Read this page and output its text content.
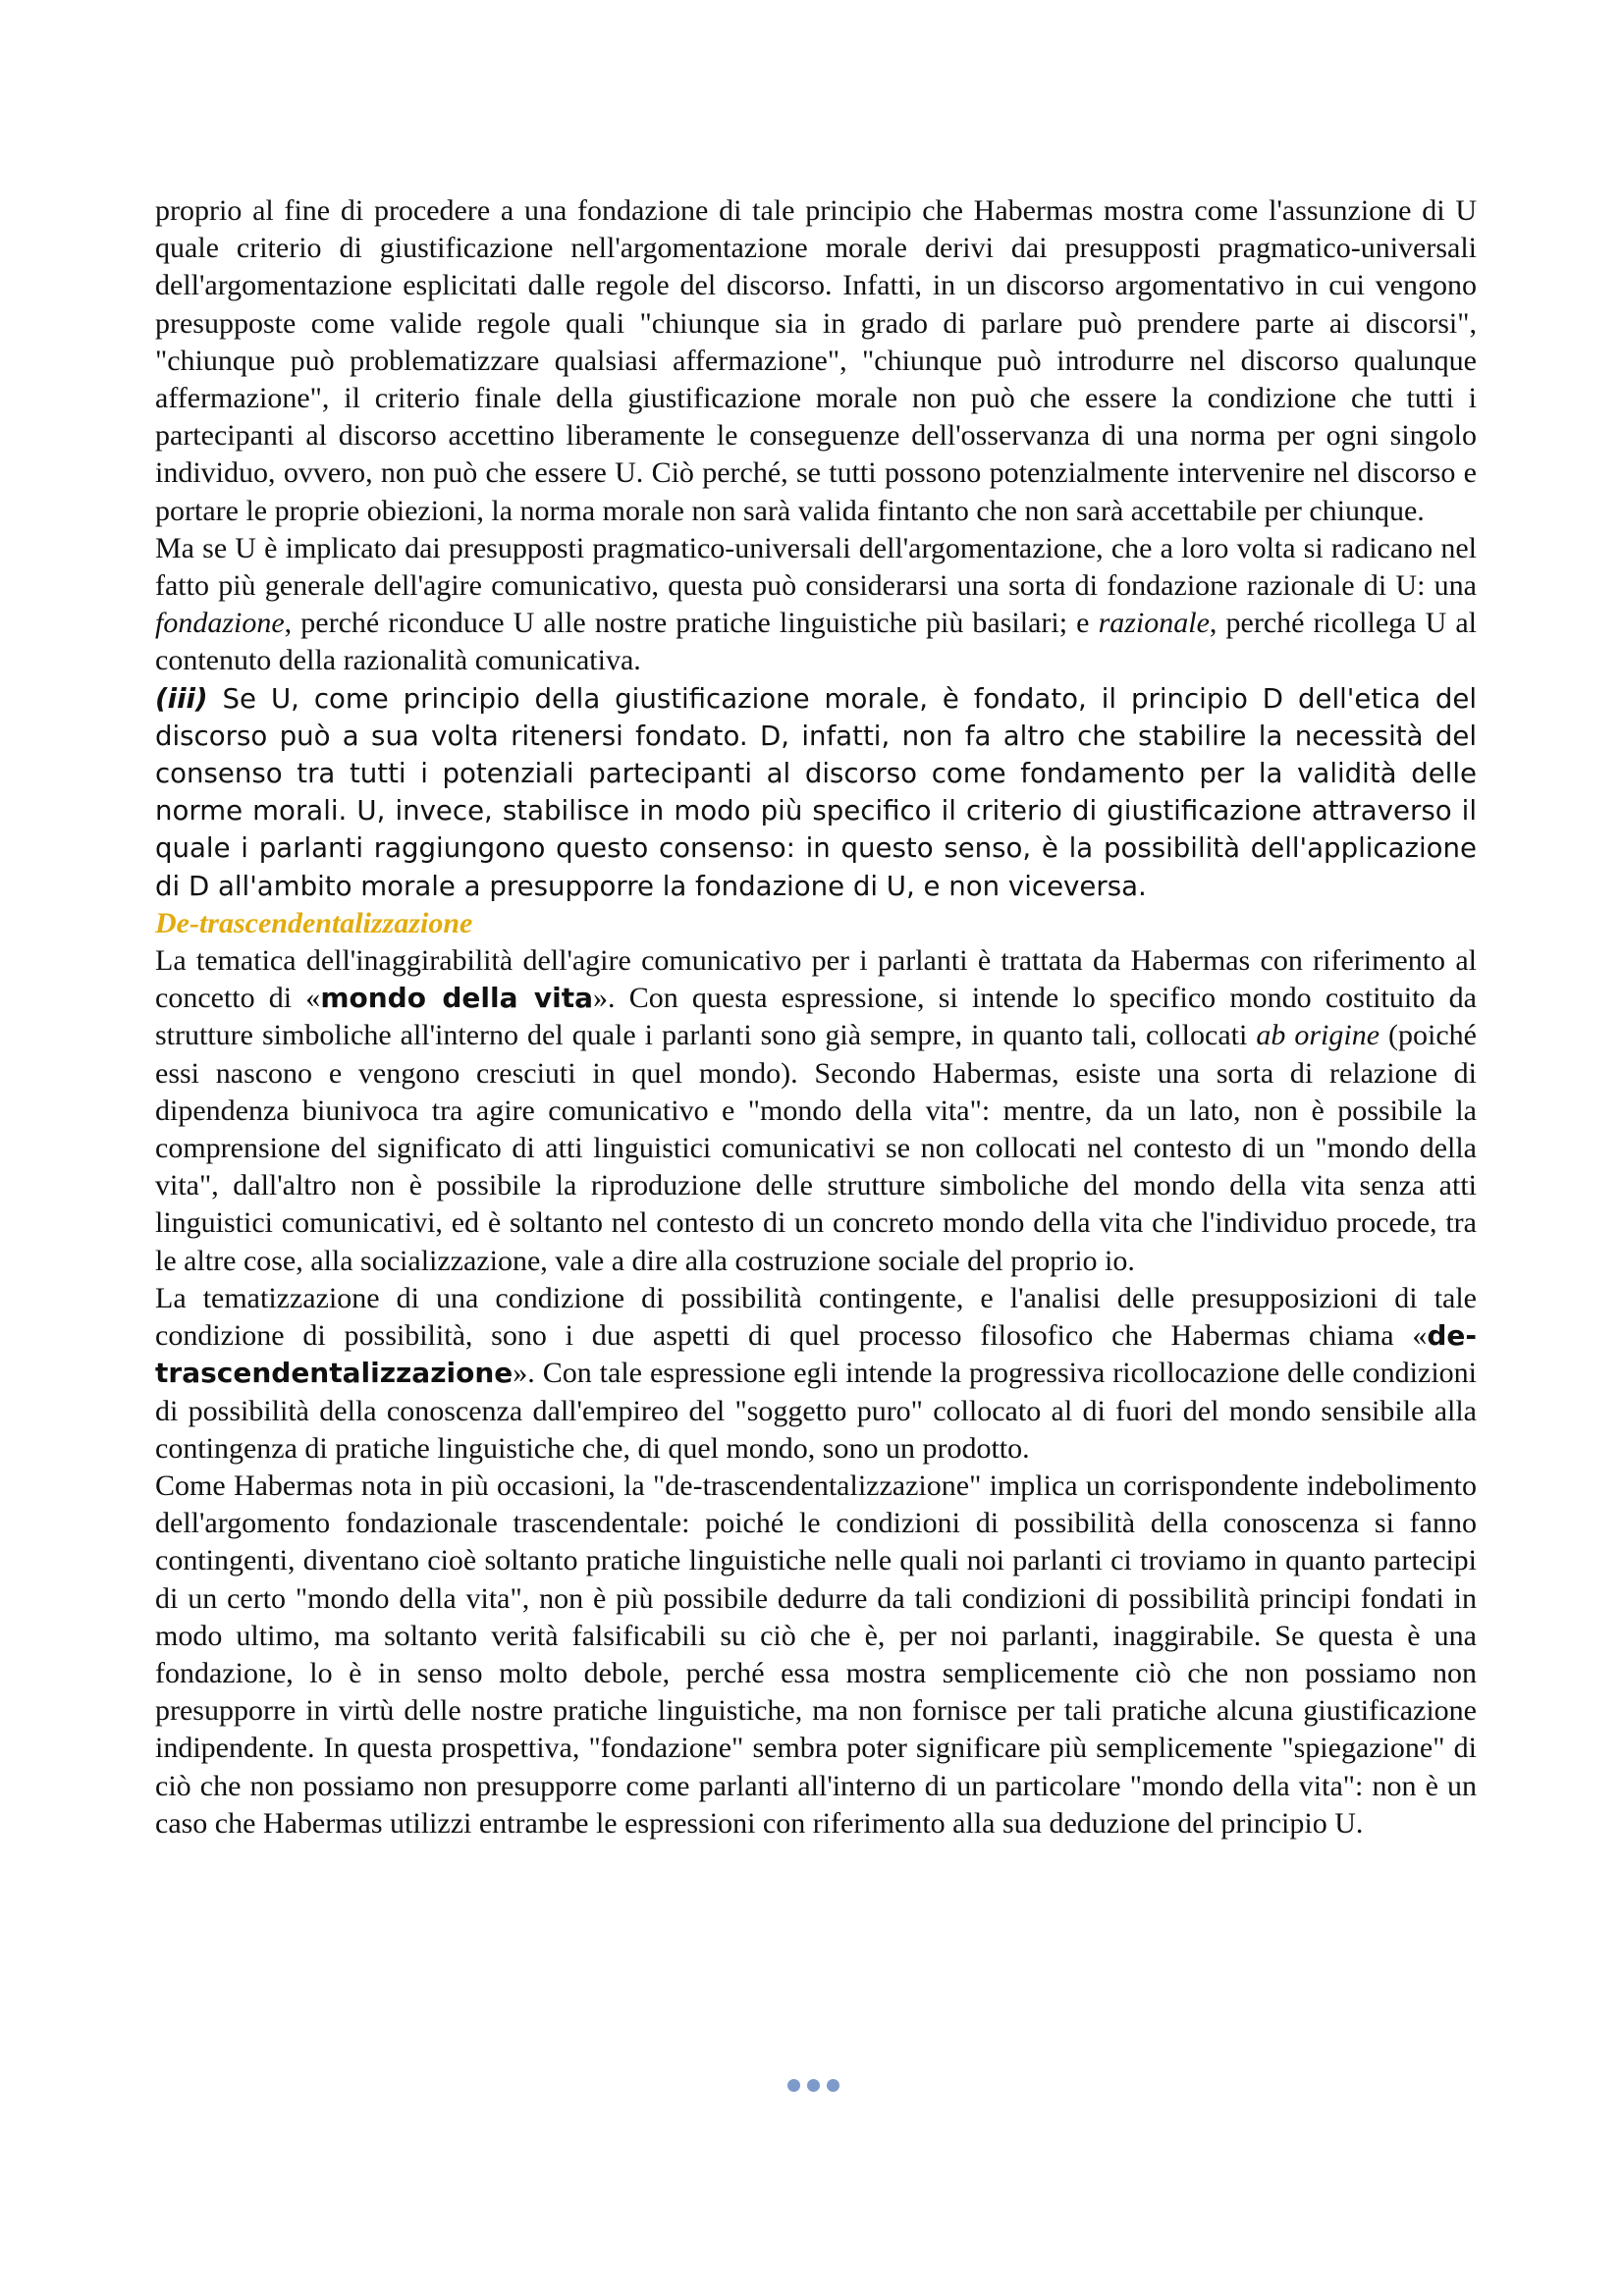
proprio al fine di procedere a una fondazione di tale principio che Habermas mostra come l'assunzione di U quale criterio di giustificazione nell'argomentazione morale derivi dai presupposti pragmatico-universali dell'argomentazione esplicitati dalle regole del discorso. Infatti, in un discorso argomentativo in cui vengono presupposte come valide regole quali "chiunque sia in grado di parlare può prendere parte ai discorsi", "chiunque può problematizzare qualsiasi affermazione", "chiunque può introdurre nel discorso qualunque affermazione", il criterio finale della giustificazione morale non può che essere la condizione che tutti i partecipanti al discorso accettino liberamente le conseguenze dell'osservanza di una norma per ogni singolo individuo, ovvero, non può che essere U. Ciò perché, se tutti possono potenzialmente intervenire nel discorso e portare le proprie obiezioni, la norma morale non sarà valida fintanto che non sarà accettabile per chiunque.

Ma se U è implicato dai presupposti pragmatico-universali dell'argomentazione, che a loro volta si radicano nel fatto più generale dell'agire comunicativo, questa può considerarsi una sorta di fondazione razionale di U: una fondazione, perché riconduce U alle nostre pratiche linguistiche più basilari; e razionale, perché ricollega U al contenuto della razionalità comunicativa.

(iii) Se U, come principio della giustificazione morale, è fondato, il principio D dell'etica del discorso può a sua volta ritenersi fondato. D, infatti, non fa altro che stabilire la necessità del consenso tra tutti i potenziali partecipanti al discorso come fondamento per la validità delle norme morali. U, invece, stabilisce in modo più specifico il criterio di giustificazione attraverso il quale i parlanti raggiungono questo consenso: in questo senso, è la possibilità dell'applicazione di D all'ambito morale a presupporre la fondazione di U, e non viceversa.

De-trascendentalizzazione

La tematica dell'inaggirabilità dell'agire comunicativo per i parlanti è trattata da Habermas con riferimento al concetto di «mondo della vita». Con questa espressione, si intende lo specifico mondo costituito da strutture simboliche all'interno del quale i parlanti sono già sempre, in quanto tali, collocati ab origine (poiché essi nascono e vengono cresciuti in quel mondo). Secondo Habermas, esiste una sorta di relazione di dipendenza biunivoca tra agire comunicativo e "mondo della vita": mentre, da un lato, non è possibile la comprensione del significato di atti linguistici comunicativi se non collocati nel contesto di un "mondo della vita", dall'altro non è possibile la riproduzione delle strutture simboliche del mondo della vita senza atti linguistici comunicativi, ed è soltanto nel contesto di un concreto mondo della vita che l'individuo procede, tra le altre cose, alla socializzazione, vale a dire alla costruzione sociale del proprio io.

La tematizzazione di una condizione di possibilità contingente, e l'analisi delle presupposizioni di tale condizione di possibilità, sono i due aspetti di quel processo filosofico che Habermas chiama «de-trascendentalizzazione». Con tale espressione egli intende la progressiva ricollocazione delle condizioni di possibilità della conoscenza dall'empireo del "soggetto puro" collocato al di fuori del mondo sensibile alla contingenza di pratiche linguistiche che, di quel mondo, sono un prodotto.

Come Habermas nota in più occasioni, la "de-trascendentalizzazione" implica un corrispondente indebolimento dell'argomento fondazionale trascendentale: poiché le condizioni di possibilità della conoscenza si fanno contingenti, diventano cioè soltanto pratiche linguistiche nelle quali noi parlanti ci troviamo in quanto partecipi di un certo "mondo della vita", non è più possibile dedurre da tali condizioni di possibilità principi fondati in modo ultimo, ma soltanto verità falsificabili su ciò che è, per noi parlanti, inaggirabile. Se questa è una fondazione, lo è in senso molto debole, perché essa mostra semplicemente ciò che non possiamo non presupporre in virtù delle nostre pratiche linguistiche, ma non fornisce per tali pratiche alcuna giustificazione indipendente. In questa prospettiva, "fondazione" sembra poter significare più semplicemente "spiegazione" di ciò che non possiamo non presupporre come parlanti all'interno di un particolare "mondo della vita": non è un caso che Habermas utilizzi entrambe le espressioni con riferimento alla sua deduzione del principio U.
